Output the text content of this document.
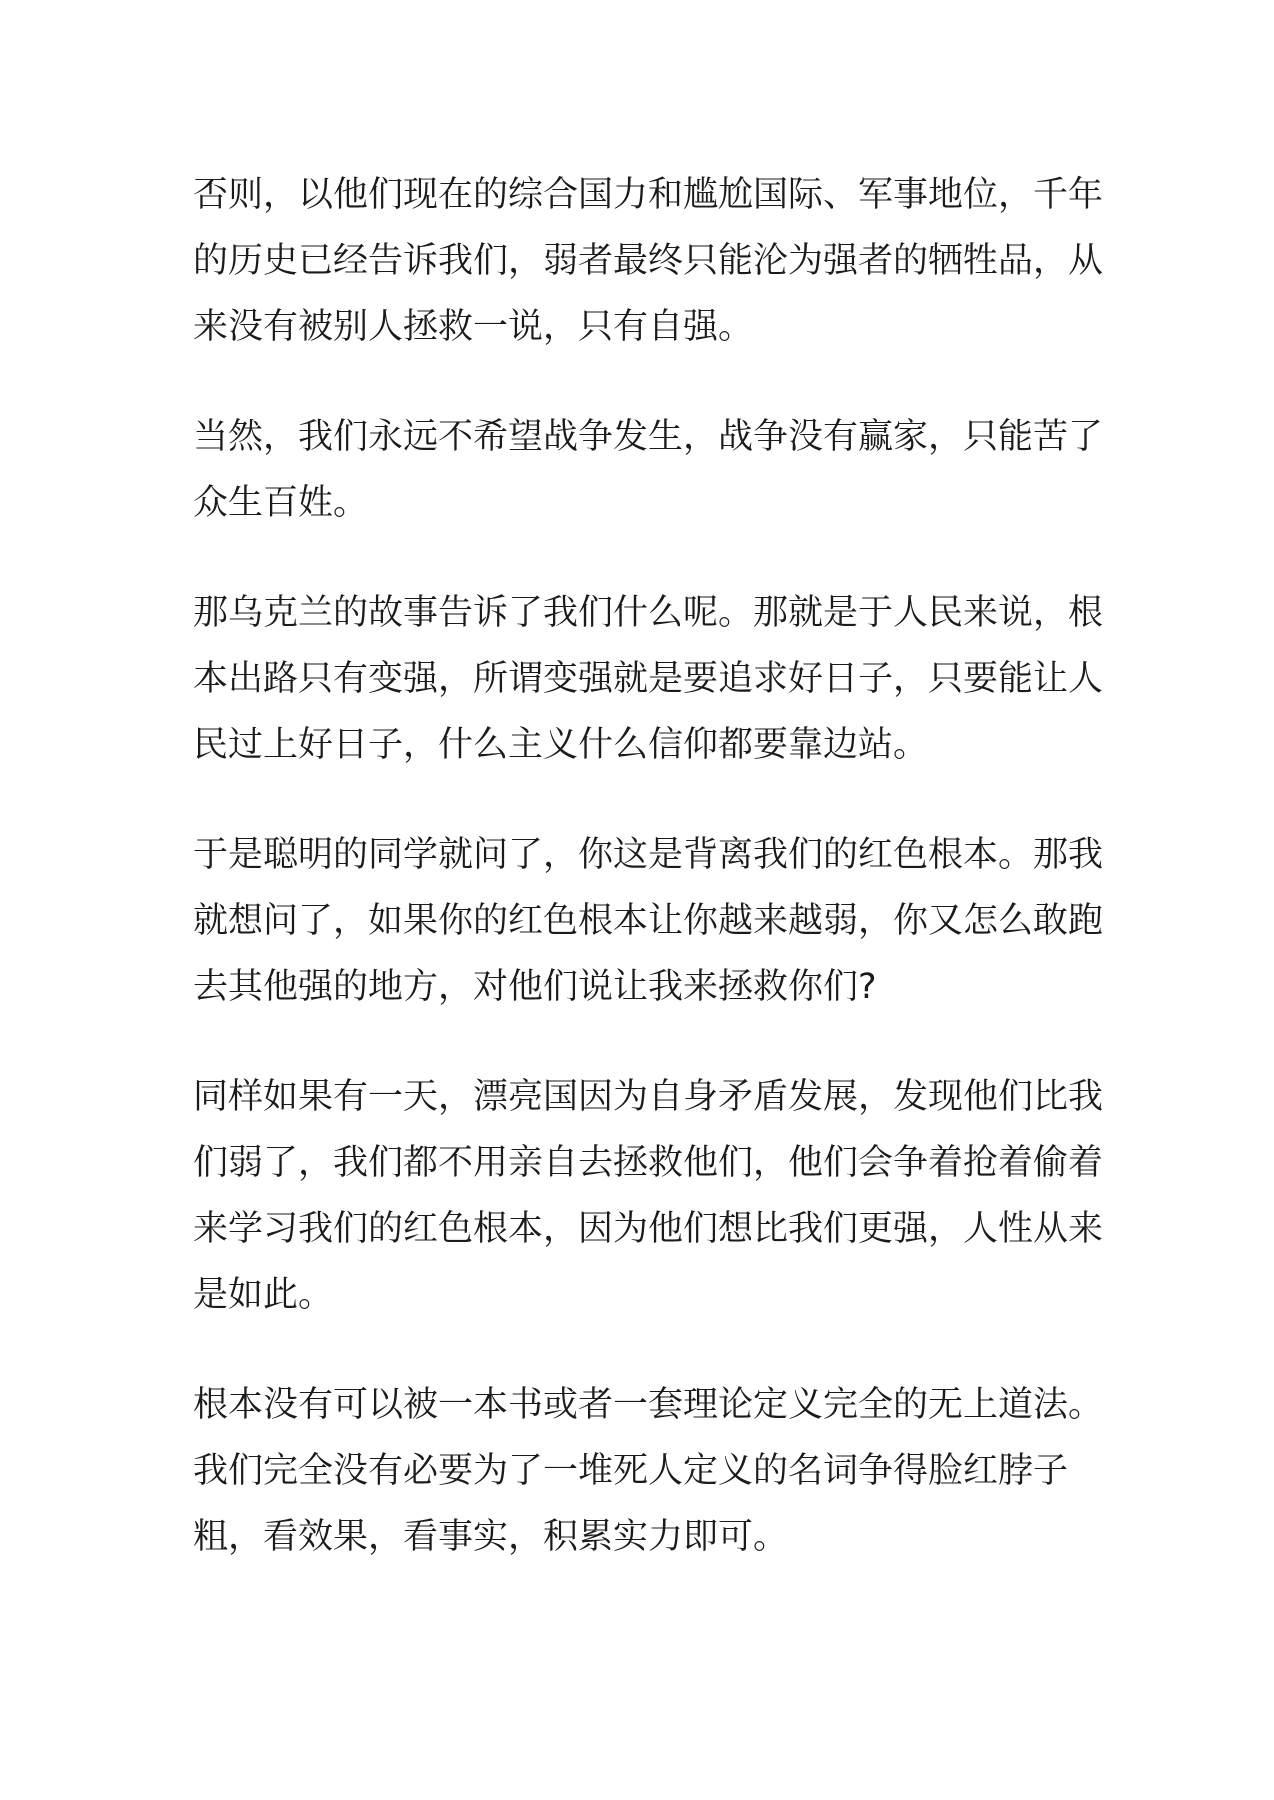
否则，以他们现在的综合国力和尴尬国际、军事地位，千年
的历史已经告诉我们，弱者最终只能沦为强者的牺牲品，从
来没有被别人拯救一说，只有自强。

当然，我们永远不希望战争发生，战争没有赢家，只能苦了
众生百姓。

那乌克兰的故事告诉了我们什么呢。那就是于人民来说，根
本出路只有变强，所谓变强就是要追求好日子，只要能让人
民过上好日子，什么主义什么信仰都要靠边站。

于是聪明的同学就问了，你这是背离我们的红色根本。那我
就想问了，如果你的红色根本让你越来越弱，你又怎么敢跑
去其他强的地方，对他们说让我来拯救你们?

同样如果有一天，漂亮国因为自身矛盾发展，发现他们比我
们弱了，我们都不用亲自去拯救他们，他们会争着抢着偷着
来学习我们的红色根本，因为他们想比我们更强，人性从来
是如此。

根本没有可以被一本书或者一套理论定义完全的无上道法。
我们完全没有必要为了一堆死人定义的名词争得脸红脖子
粗，看效果，看事实，积累实力即可。
